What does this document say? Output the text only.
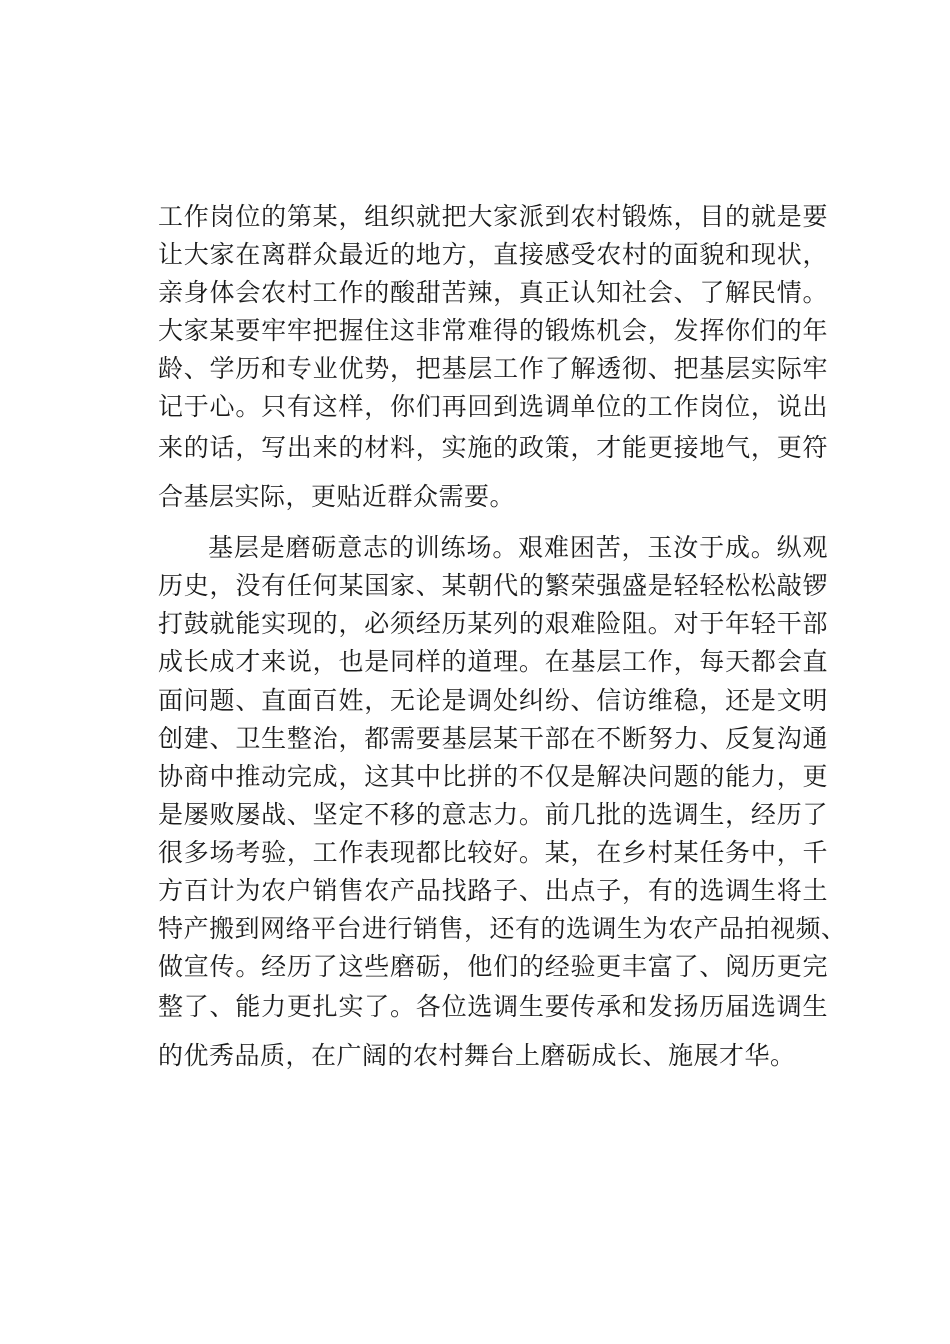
工作岗位的第某，组织就把大家派到农村锻炼，目的就是要
让大家在离群众最近的地方，直接感受农村的面貌和现状，
亲身体会农村工作的酸甜苦辣，真正认知社会、了解民情。
大家某要牢牢把握住这非常难得的锻炼机会，发挥你们的年
龄、学历和专业优势，把基层工作了解透彻、把基层实际牢
记于心。只有这样，你们再回到选调单位的工作岗位，说出
来的话，写出来的材料，实施的政策，才能更接地气，更符
合基层实际，更贴近群众需要。
基层是磨砺意志的训练场。艰难困苦，玉汝于成。纵观
历史，没有任何某国家、某朝代的繁荣强盛是轻轻松松敲锣
打鼓就能实现的，必须经历某列的艰难险阻。对于年轻干部
成长成才来说，也是同样的道理。在基层工作，每天都会直
面问题、直面百姓，无论是调处纠纷、信访维稳，还是文明
创建、卫生整治，都需要基层某干部在不断努力、反复沟通
协商中推动完成，这其中比拼的不仅是解决问题的能力，更
是屡败屡战、坚定不移的意志力。前几批的选调生，经历了
很多场考验，工作表现都比较好。某，在乡村某任务中，千
方百计为农户销售农产品找路子、出点子，有的选调生将土
特产搬到网络平台进行销售，还有的选调生为农产品拍视频、
做宣传。经历了这些磨砺，他们的经验更丰富了、阅历更完
整了、能力更扎实了。各位选调生要传承和发扬历届选调生
的优秀品质，在广阔的农村舞台上磨砺成长、施展才华。
